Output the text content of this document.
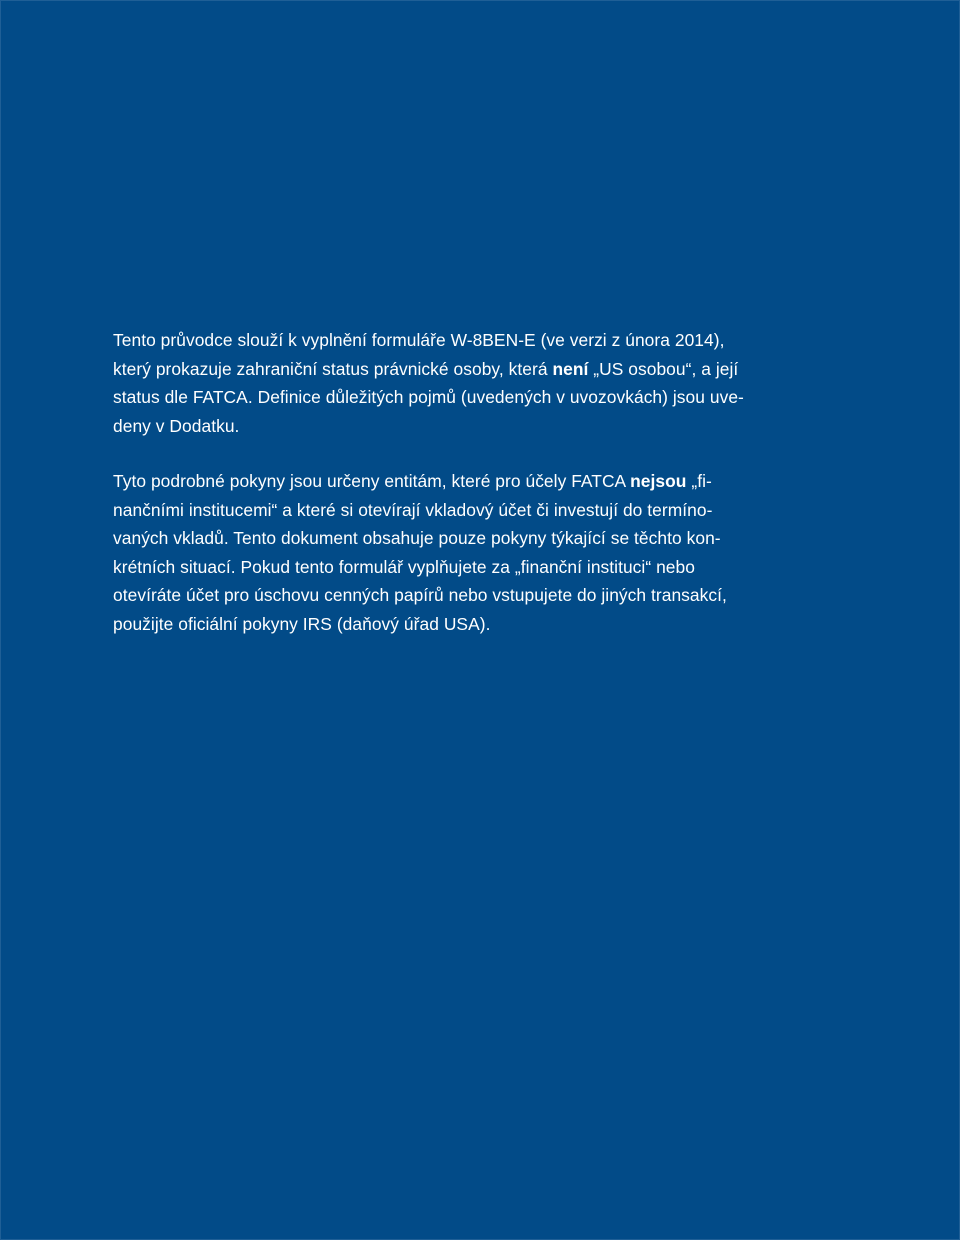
Tento průvodce slouží k vyplnění formuláře W-8BEN-E (ve verzi z února 2014),
který prokazuje zahraniční status právnické osoby, která není „US osobou“, a její
status dle FATCA. Definice důležitých pojmů (uvedených v uvozovkách) jsou uve-
deny v Dodatku.
Tyto podrobné pokyny jsou určeny entitám, které pro účely FATCA nejsou „fi-
nančními institucemi“ a které si otevírají vkladový účet či investují do termíno-
vaných vkladů. Tento dokument obsahuje pouze pokyny týkající se těchto kon-
krétních situací. Pokud tento formulář vyplňujete za „finanční instituci“ nebo
otevíráte účet pro úschovu cenných papírů nebo vstupujete do jiných transakcí,
použijte oficiální pokyny IRS (daňový úřad USA).
